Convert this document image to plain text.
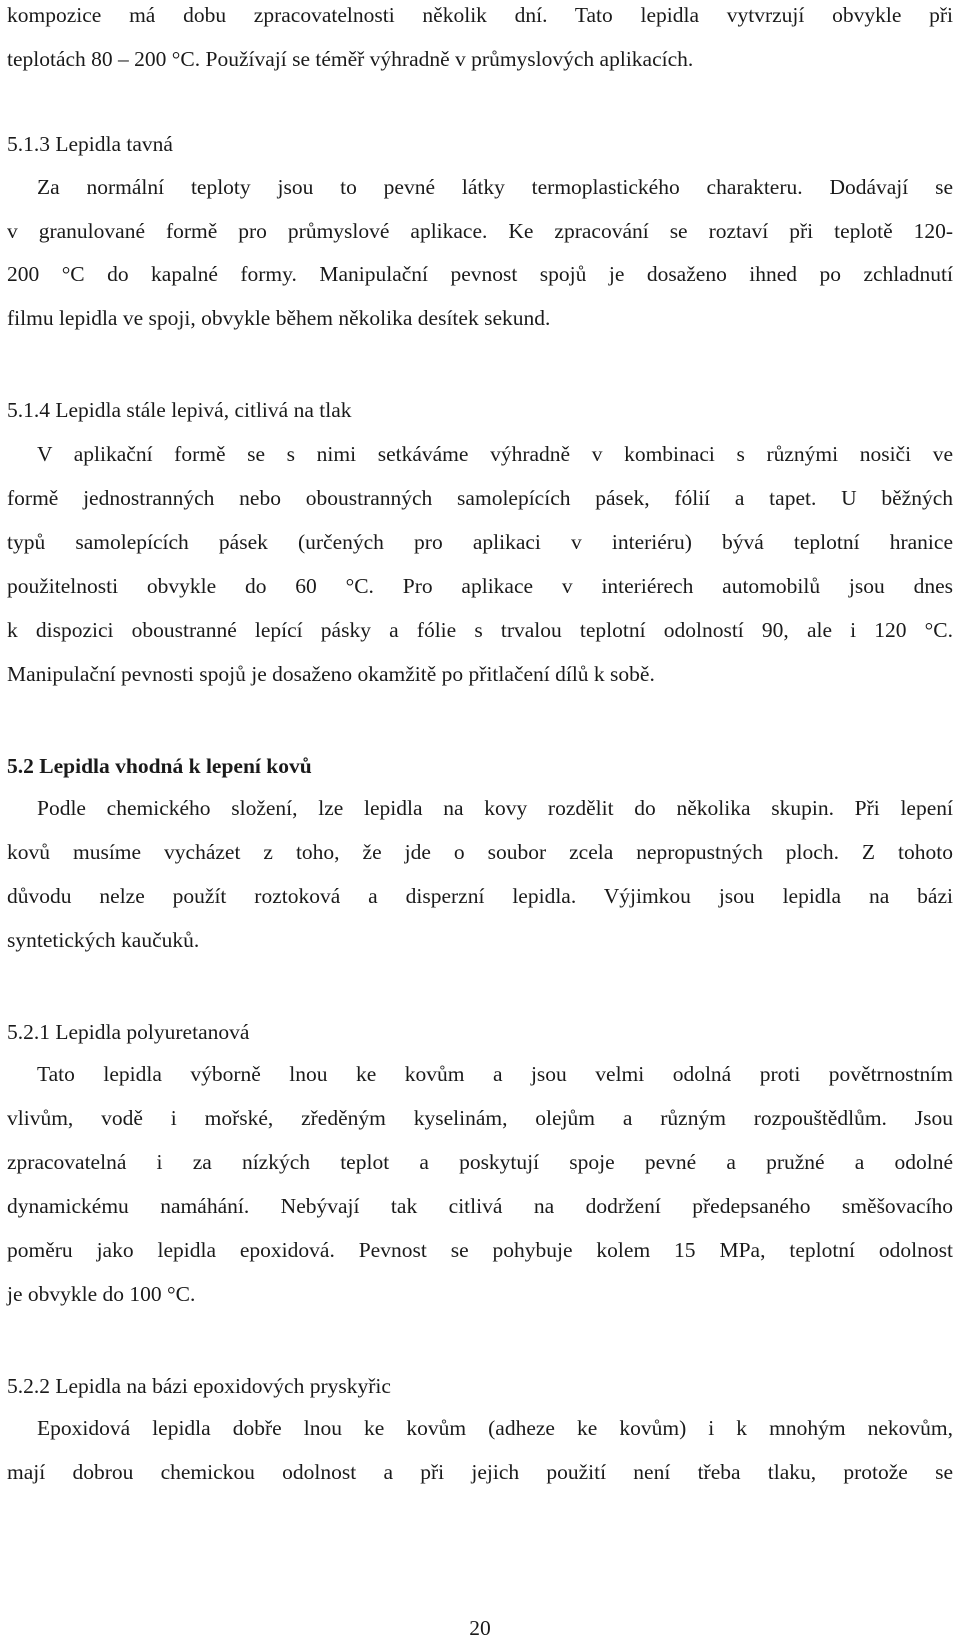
kompozice má dobu zpracovatelnosti několik dní. Tato lepidla vytvrzují obvykle při
teplotách 80 – 200 °C. Používají se téměř výhradně v průmyslových aplikacích.
5.1.3 Lepidla tavná
Za normální teploty jsou to pevné látky termoplastického charakteru. Dodávají se
v granulované formě pro průmyslové aplikace. Ke zpracování se roztaví při teplotě 120-
200 °C do kapalné formy. Manipulační pevnost spojů je dosaženo ihned po zchladnutí
filmu lepidla ve spoji, obvykle během několika desítek sekund.
5.1.4 Lepidla stále lepivá, citlivá na tlak
V aplikační formě se s nimi setkáváme výhradně v kombinaci s různými nosiči ve
formě jednostranných nebo oboustranných samolepících pásek, fólií a tapet. U běžných
typů samolepících pásek (určených pro aplikaci v interiéru) bývá teplotní hranice
použitelnosti obvykle do 60 °C. Pro aplikace v interiérech automobilů jsou dnes
k dispozici oboustranné lepící pásky a fólie s trvalou teplotní odolností 90, ale i 120 °C.
Manipulační pevnosti spojů je dosaženo okamžitě po přitlačení dílů k sobě.
5.2 Lepidla vhodná k lepení kovů
Podle chemického složení, lze lepidla na kovy rozdělit do několika skupin. Při lepení
kovů musíme vycházet z toho, že jde o soubor zcela nepropustných ploch. Z tohoto
důvodu nelze použít roztoková a disperzní lepidla. Výjimkou jsou lepidla na bázi
syntetických kaučuků.
5.2.1 Lepidla polyuretanová
Tato lepidla výborně lnou ke kovům a jsou velmi odolná proti povětrnostním
vlivům, vodě i mořské, zředěným kyselinám, olejům a různým rozpouštědlům. Jsou
zpracovatelná i za nízkých teplot a poskytují spoje pevné a pružné a odolné
dynamickému namáhání. Nebývají tak citlivá na dodržení předepsaného směšovacího
poměru jako lepidla epoxidová. Pevnost se pohybuje kolem 15 MPa, teplotní odolnost
je obvykle do 100 °C.
5.2.2 Lepidla na bázi epoxidových pryskyřic
Epoxidová lepidla dobře lnou ke kovům (adheze ke kovům) i k mnohým nekovům,
mají dobrou chemickou odolnost a při jejich použití není třeba tlaku, protože se
20
